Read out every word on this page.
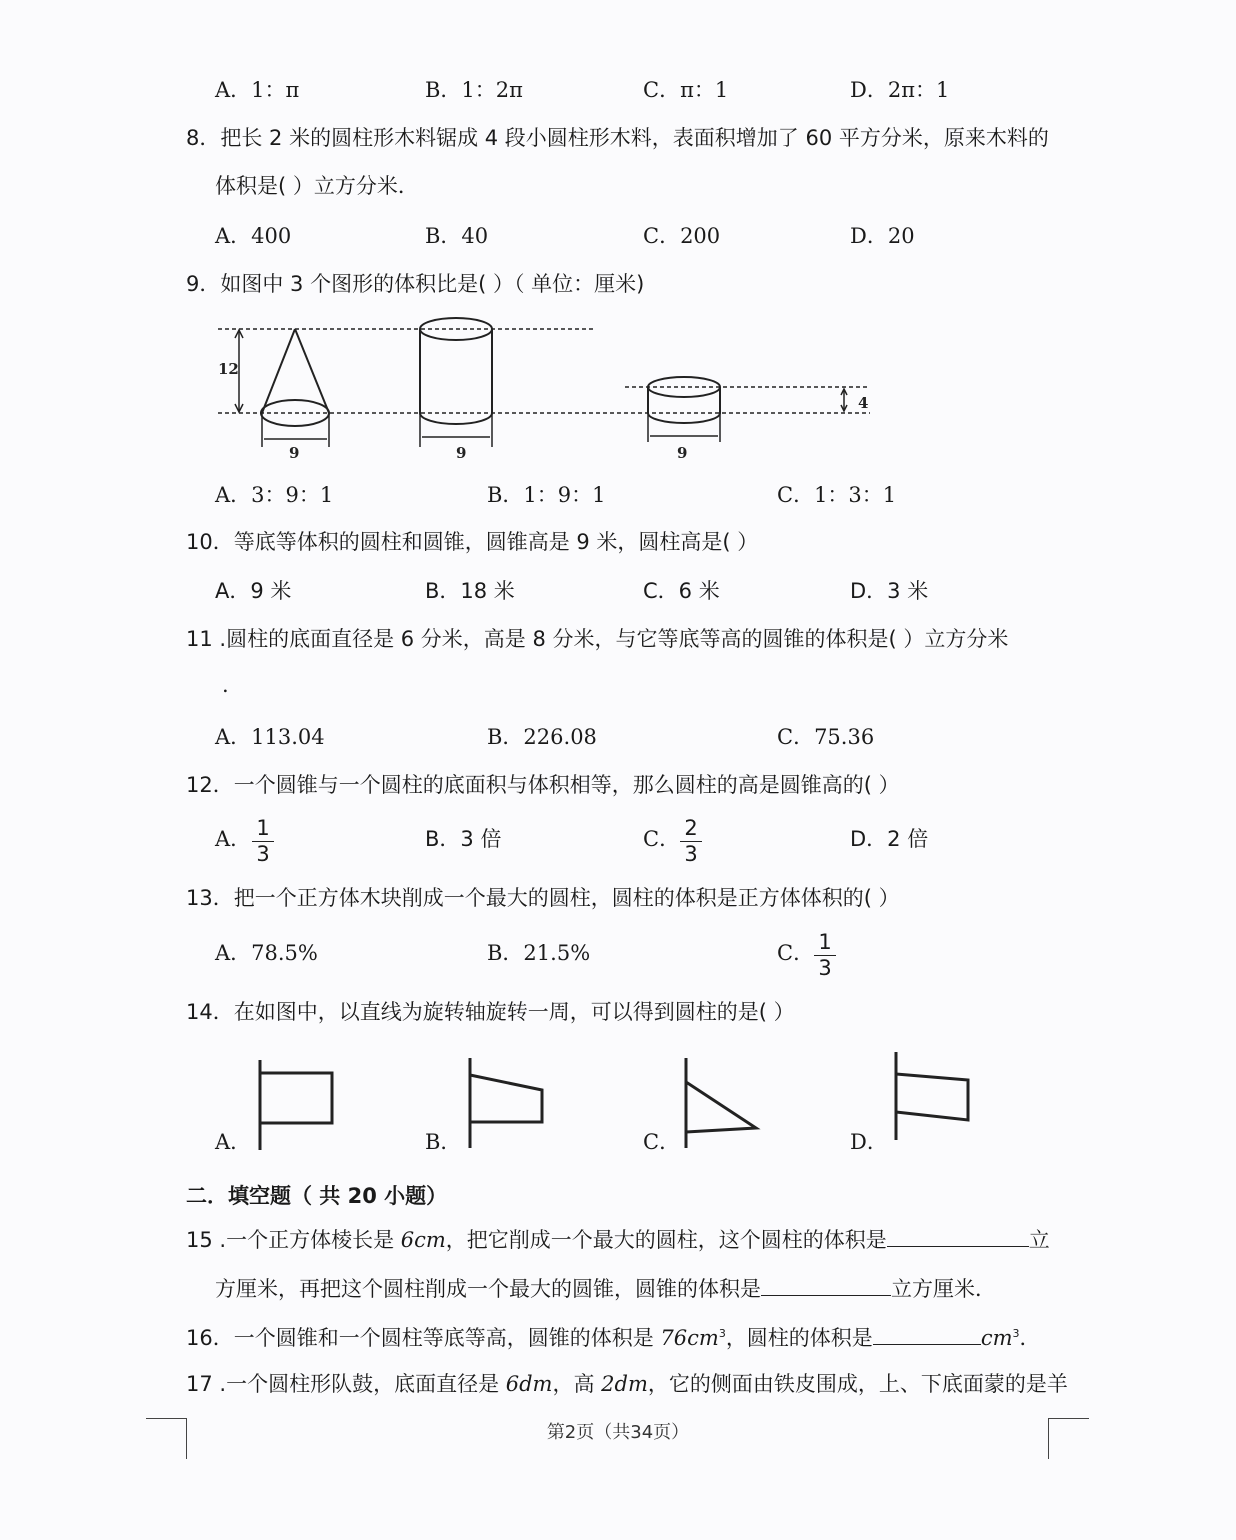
A．1：π	B．1：2π	C．π：1	D．2π：1
8．把长 2 米的圆柱形木料锯成 4 段小圆柱形木料，表面积增加了 60 平方分米，原来木料的
体积是( ）立方分米．
A．400	B．40	C．200	D．20
9．如图中 3 个图形的体积比是( ）（ 单位：厘米)
12
9	9	9
4
A．3：9：1	B．1：9：1	C．1：3：1
10．等底等体积的圆柱和圆锥，圆锥高是 9 米，圆柱高是( ）
A．9 米	B．18 米	C．6 米	D．3 米
11 .圆柱的底面直径是 6 分米，高是 8 分米，与它等底等高的圆锥的体积是( ）立方分米
.
A．113.04	B．226.08	C．75.36
12．一个圆锥与一个圆柱的底面积与体积相等，那么圆柱的高是圆锥高的( ）
A． 1
3
B．3 倍	C． 2
3
D．2 倍
13．把一个正方体木块削成一个最大的圆柱，圆柱的体积是正方体体积的( ）
A．78.5%	B．21.5%	C． 1
3
14．在如图中，以直线为旋转轴旋转一周，可以得到圆柱的是( ）
A．	B．	C．	D．
二．填空题（ 共 20 小题）
15 .一个正方体棱长是 6cm，把它削成一个最大的圆柱，这个圆柱的体积是	立
方厘米，再把这个圆柱削成一个最大的圆锥，圆锥的体积是	立方厘米．
16．一个圆锥和一个圆柱等底等高，圆锥的体积是 $76cm^3$，圆柱的体积是	$cm^3$．
17 .一个圆柱形队鼓，底面直径是 6dm，高 2dm，它的侧面由铁皮围成，上、下底面蒙的是羊
第2页（共34页）
